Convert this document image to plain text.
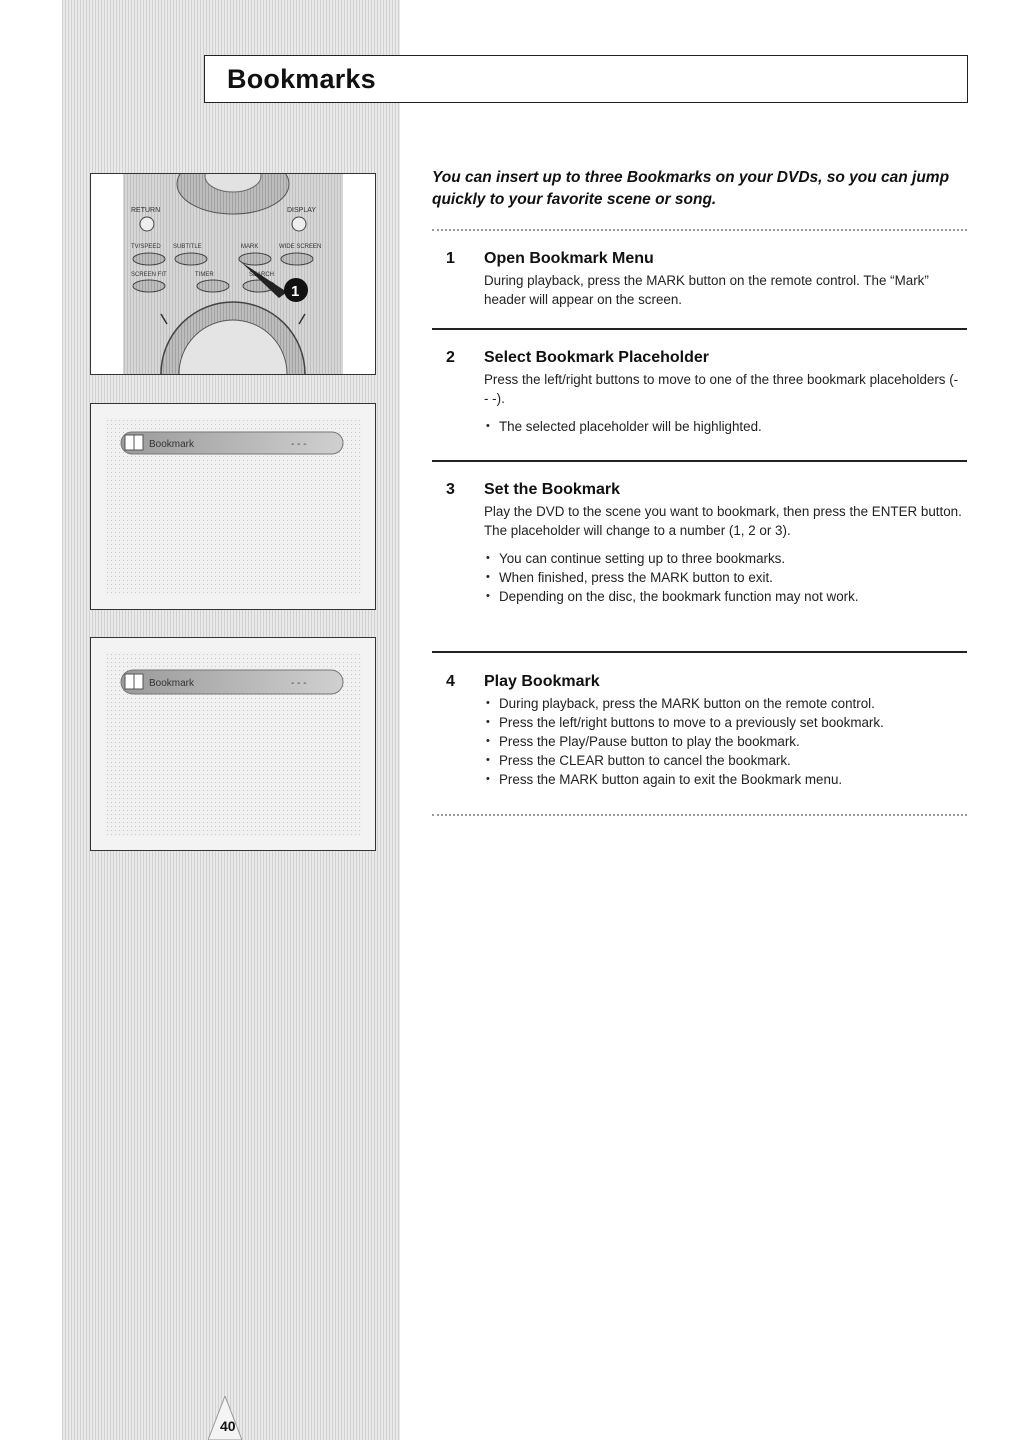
Bookmarks
RETURN	DISPLAY
TV/SPEED SUBTITLE	MARK	WIDE SCREEN
SCREEN FIT	TIMER	SEARCH
1
Bookmark	- - -
Bookmark	- - -
You can insert up to three Bookmarks on your DVDs, so you can jump quickly to your favorite scene or song.
1 Open Bookmark Menu
During playback, press the MARK button on the remote control. The “Mark” header will appear on the screen.
2 Select Bookmark Placeholder
Press the left/right buttons to move to one of the three bookmark placeholders (- - -).
• The selected placeholder will be highlighted.
3 Set the Bookmark
Play the DVD to the scene you want to bookmark, then press the ENTER button. The placeholder will change to a number (1, 2 or 3).
• You can continue setting up to three bookmarks.
• When finished, press the MARK button to exit.
• Depending on the disc, the bookmark function may not work.
4 Play Bookmark
• During playback, press the MARK button on the remote control.
• Press the left/right buttons to move to a previously set bookmark.
• Press the Play/Pause button to play the bookmark.
• Press the CLEAR button to cancel the bookmark.
• Press the MARK button again to exit the Bookmark menu.
40
